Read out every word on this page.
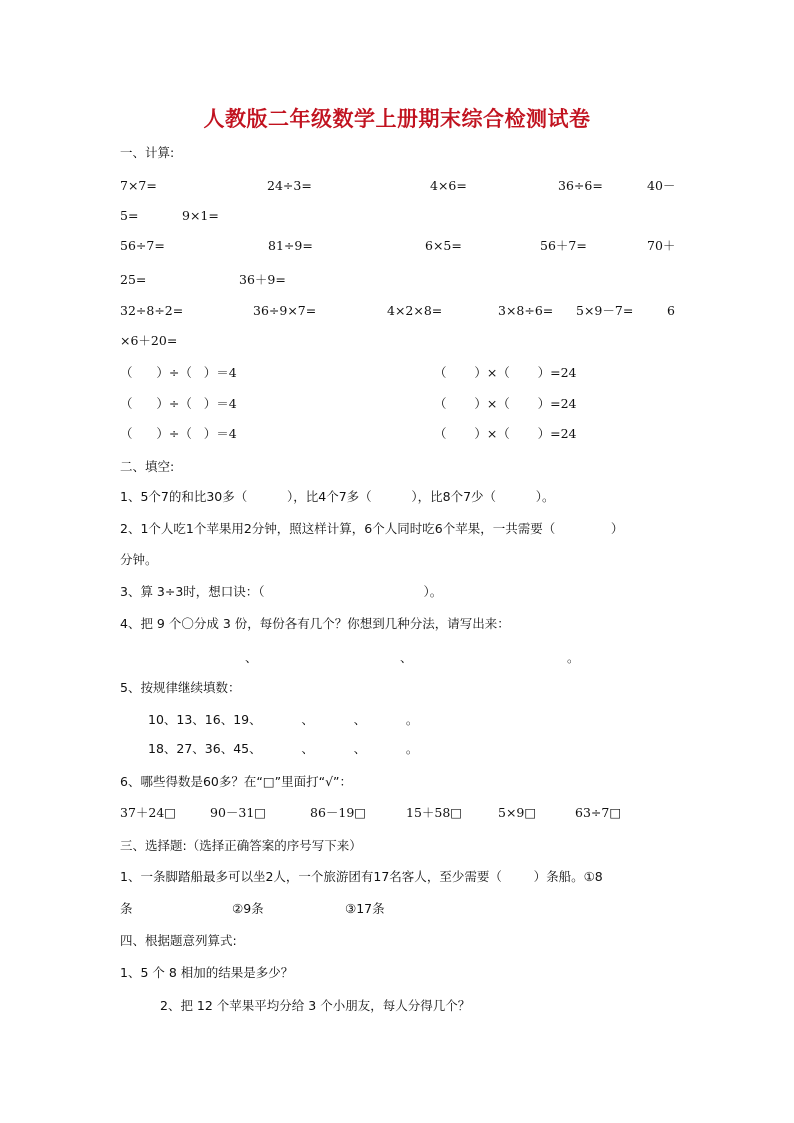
人教版二年级数学上册期末综合检测试卷
一、计算:
7×7=	24÷3=	4×6=	36÷6=	40－
5=	9×1=
56÷7=	81÷9=	6×5=	56＋7=	70＋
25=	36＋9=
32÷8÷2=	36÷9×7=	4×2×8=	3×8÷6= 5×9－7=	6
×6＋20=
（      ）÷（   ）＝4	（       ）×（       ）=24
（      ）÷（   ）＝4	（       ）×（       ）=24
（      ）÷（   ）＝4	（       ）×（       ）=24
二、填空:
1、5个7的和比30多（          ），比4个7多（          ），比8个7少（          ）。
2、1个人吃1个苹果用2分钟，照这样计算，6个人同时吃6个苹果，一共需要（              ）
分钟。
3、算 3÷3时，想口诀：（                                        ）。
4、把 9 个〇分成 3 份，每份各有几个？你想到几种分法，请写出来：
、	、	。
5、按规律继续填数：
10、13、16、19、          、          、          。
18、27、36、45、          、          、          。
6、哪些得数是60多？在“□”里面打“√”：
37＋24□	90－31□	86－19□	15＋58□	5×9□	63÷7□
三、选择题:（选择正确答案的序号写下来）
1、一条脚踏船最多可以坐2人，一个旅游团有17名客人，至少需要（        ）条船。①8
条	②9条	③17条
四、根据题意列算式:
1、5 个 8 相加的结果是多少？
2、把 12 个苹果平均分给 3 个小朋友，每人分得几个？
